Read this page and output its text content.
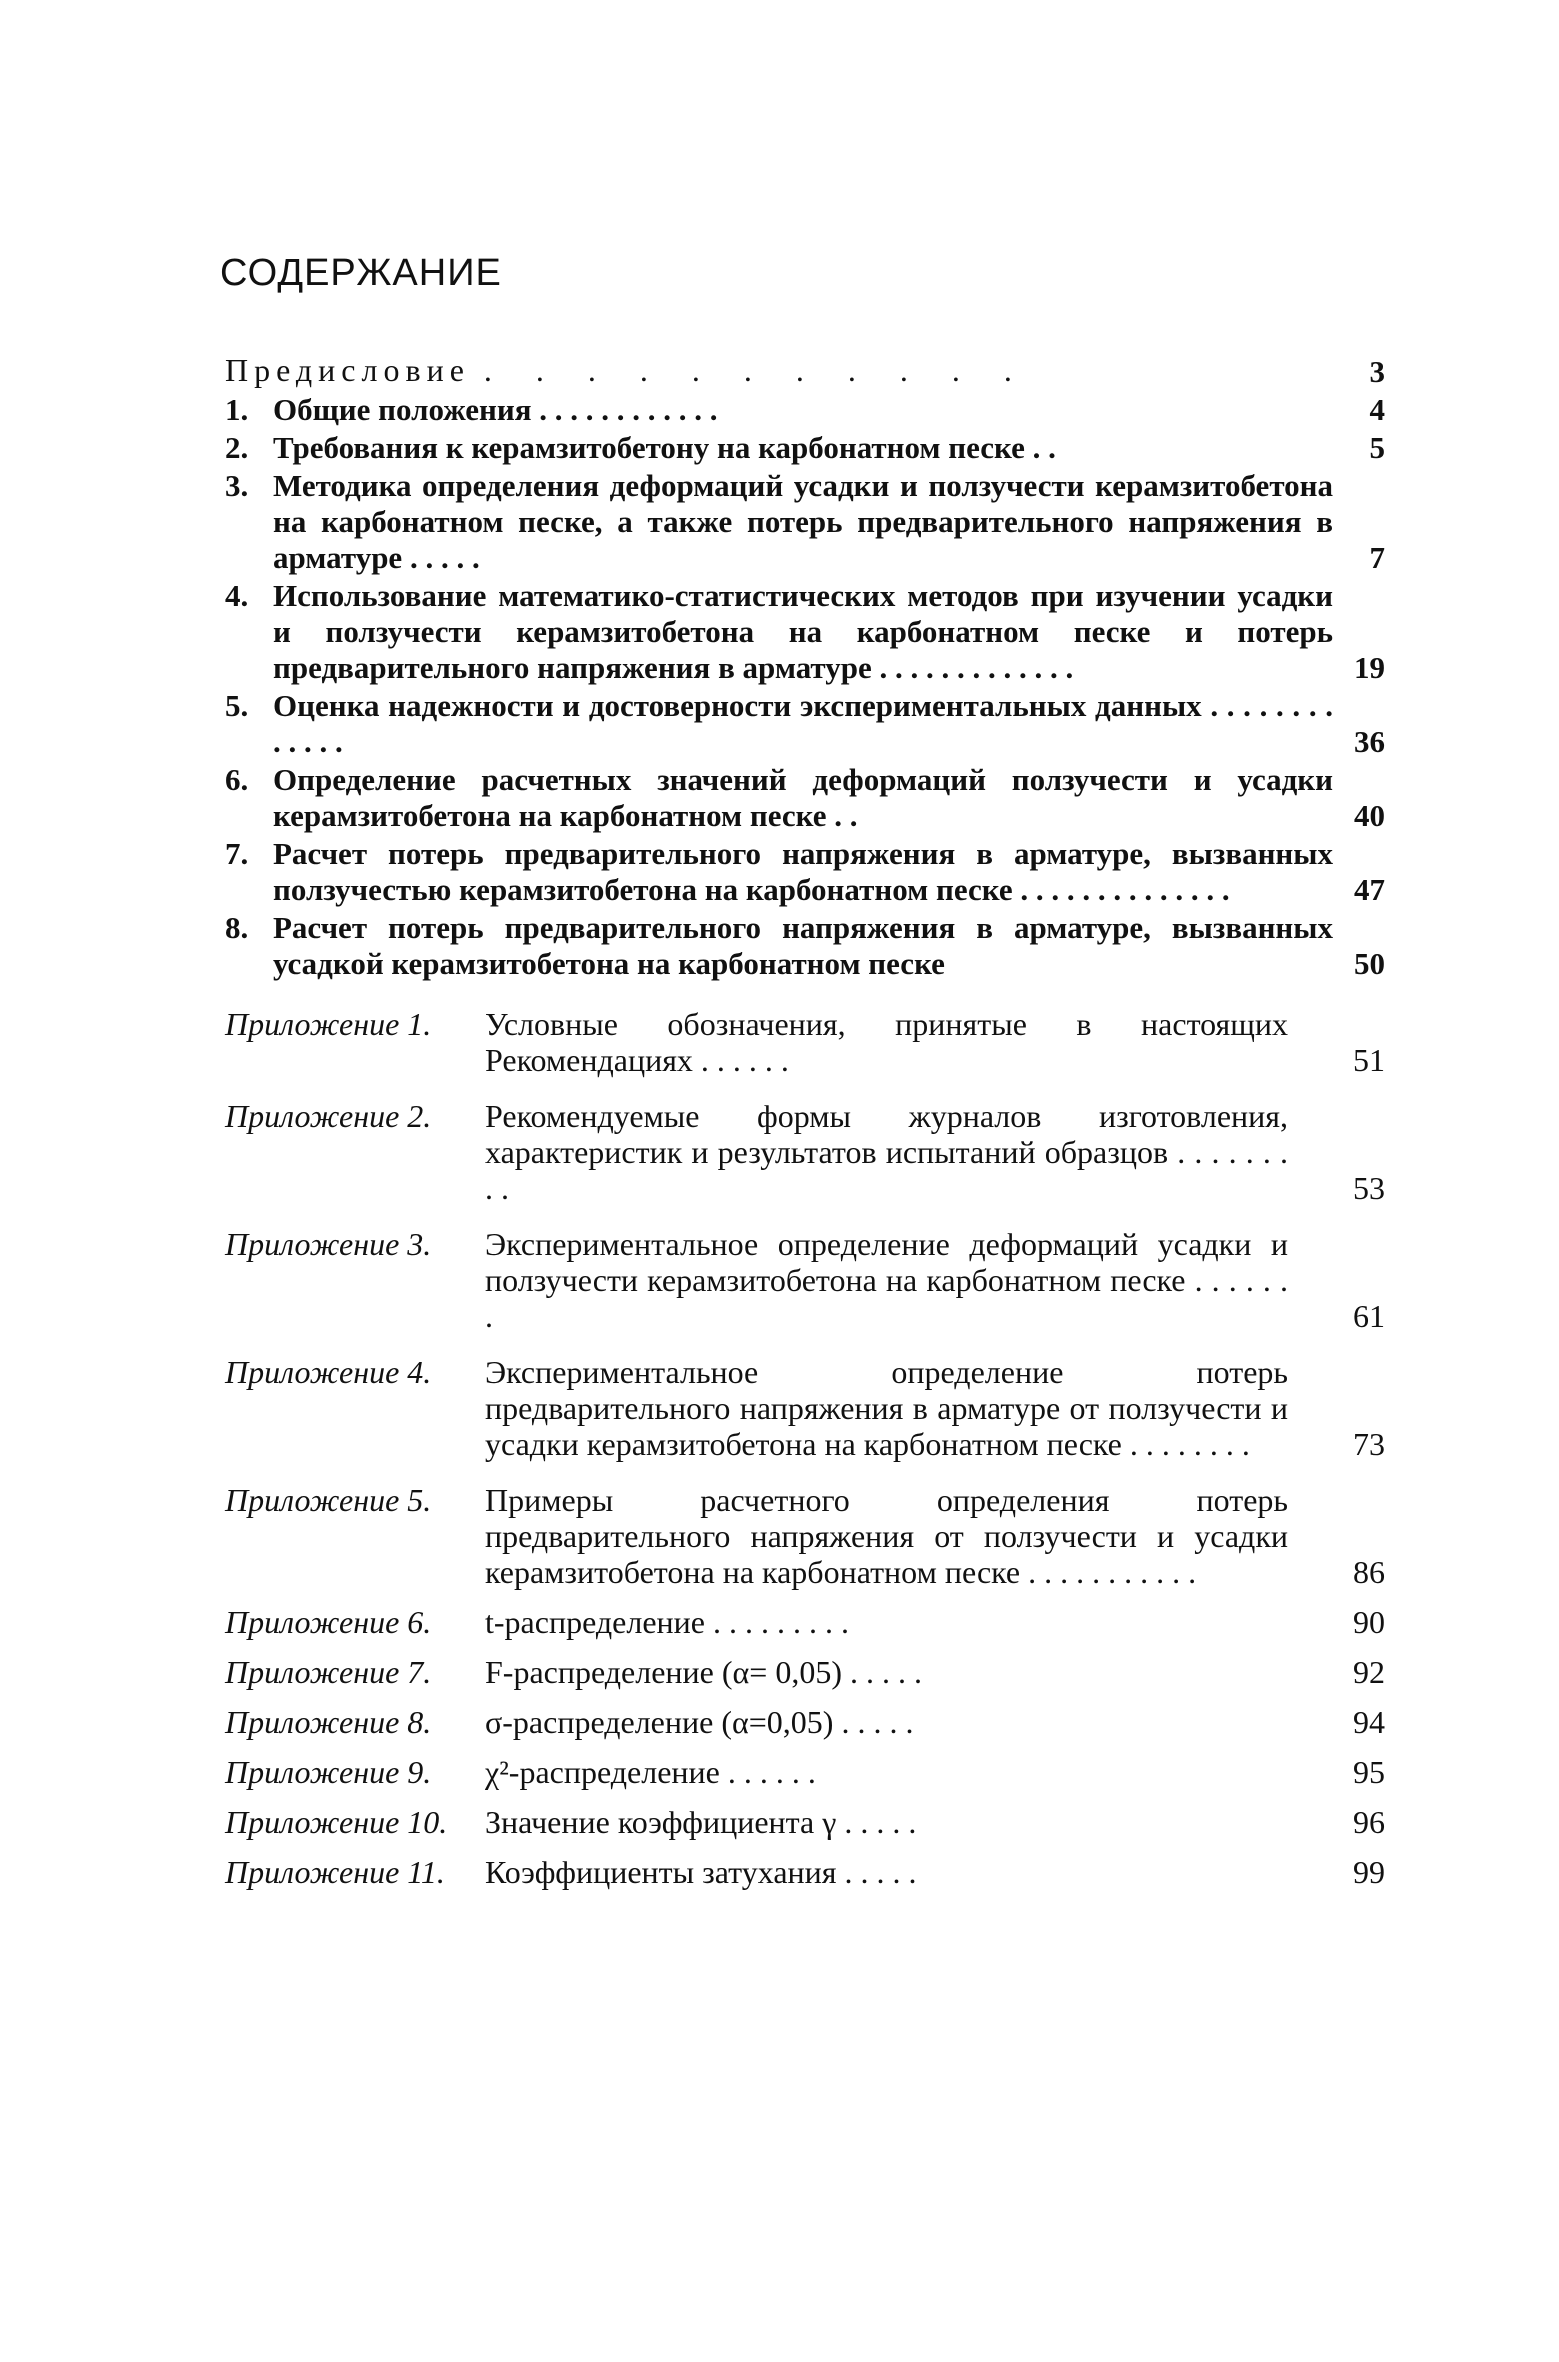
СОДЕРЖАНИЕ
Предисловие . . . . . . . . . . .	3
1. Общие положения . . . . . . . . . . . .	4
2. Требования к керамзитобетону на карбонатном песке . .	5
3. Методика определения деформаций усадки и ползучести керамзитобетона на карбонатном песке, а также потерь предварительного напряжения в арматуре . . . . .	7
4. Использование математико-статистических методов при изучении усадки и ползучести керамзитобетона на карбонатном песке и потерь предварительного напряжения в арматуре . . . . . . . . . . . . .	19
5. Оценка надежности и достоверности экспериментальных данных . . . . . . . . . . . . .	36
6. Определение расчетных значений деформаций ползучести и усадки керамзитобетона на карбонатном песке . .	40
7. Расчет потерь предварительного напряжения в арматуре, вызванных ползучестью керамзитобетона на карбонатном песке . . . . . . . . . . . . . .	47
8. Расчет потерь предварительного напряжения в арматуре, вызванных усадкой керамзитобетона на карбонатном песке	50
Приложение 1.	Условные обозначения, принятые в настоящих Рекомендациях . . . . . .	51
Приложение 2.	Рекомендуемые формы журналов изготовления, характеристик и результатов испытаний образцов . . . . . . . . .	53
Приложение 3.	Экспериментальное определение деформаций усадки и ползучести керамзитобетона на карбонатном песке . . . . . . .	61
Приложение 4.	Экспериментальное определение потерь предварительного напряжения в арматуре от ползучести и усадки керамзитобетона на карбонатном песке . . . . . . . .	73
Приложение 5.	Примеры расчетного определения потерь предварительного напряжения от ползучести и усадки керамзитобетона на карбонатном песке . . . . . . . . . . .	86
Приложение 6.	t-распределение . . . . . . . . .	90
Приложение 7.	F-распределение (α= 0,05) . . . . .	92
Приложение 8.	σ-распределение (α=0,05) . . . . .	94
Приложение 9.	χ²-распределение . . . . . .	95
Приложение 10.	Значение коэффициента γ . . . . .	96
Приложение 11.	Коэффициенты затухания . . . . .	99
